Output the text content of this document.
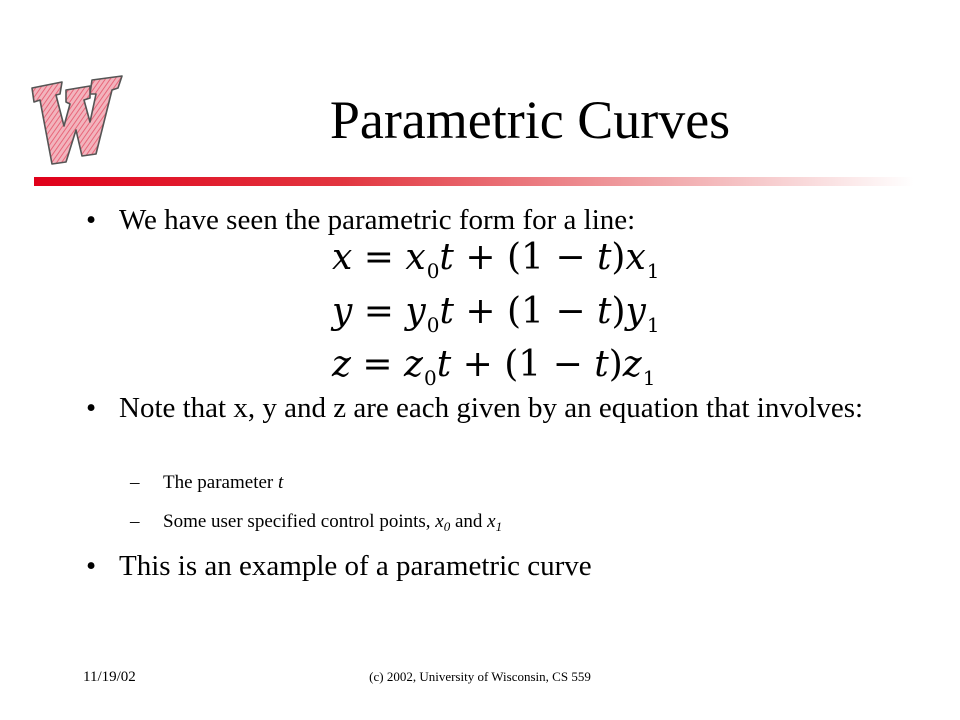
Parametric Curves
• We have seen the parametric form for a line:
$x = x_0t + (1 - t)x_1$
$y = y_0t + (1 - t)y_1$
$z = z_0t + (1 - t)z_1$
• Note that x, y and z are each given by an equation that involves:
– The parameter t
– Some user specified control points, $x_0$ and $x_1$
• This is an example of a parametric curve
11/19/02	(c) 2002, University of Wisconsin, CS 559
